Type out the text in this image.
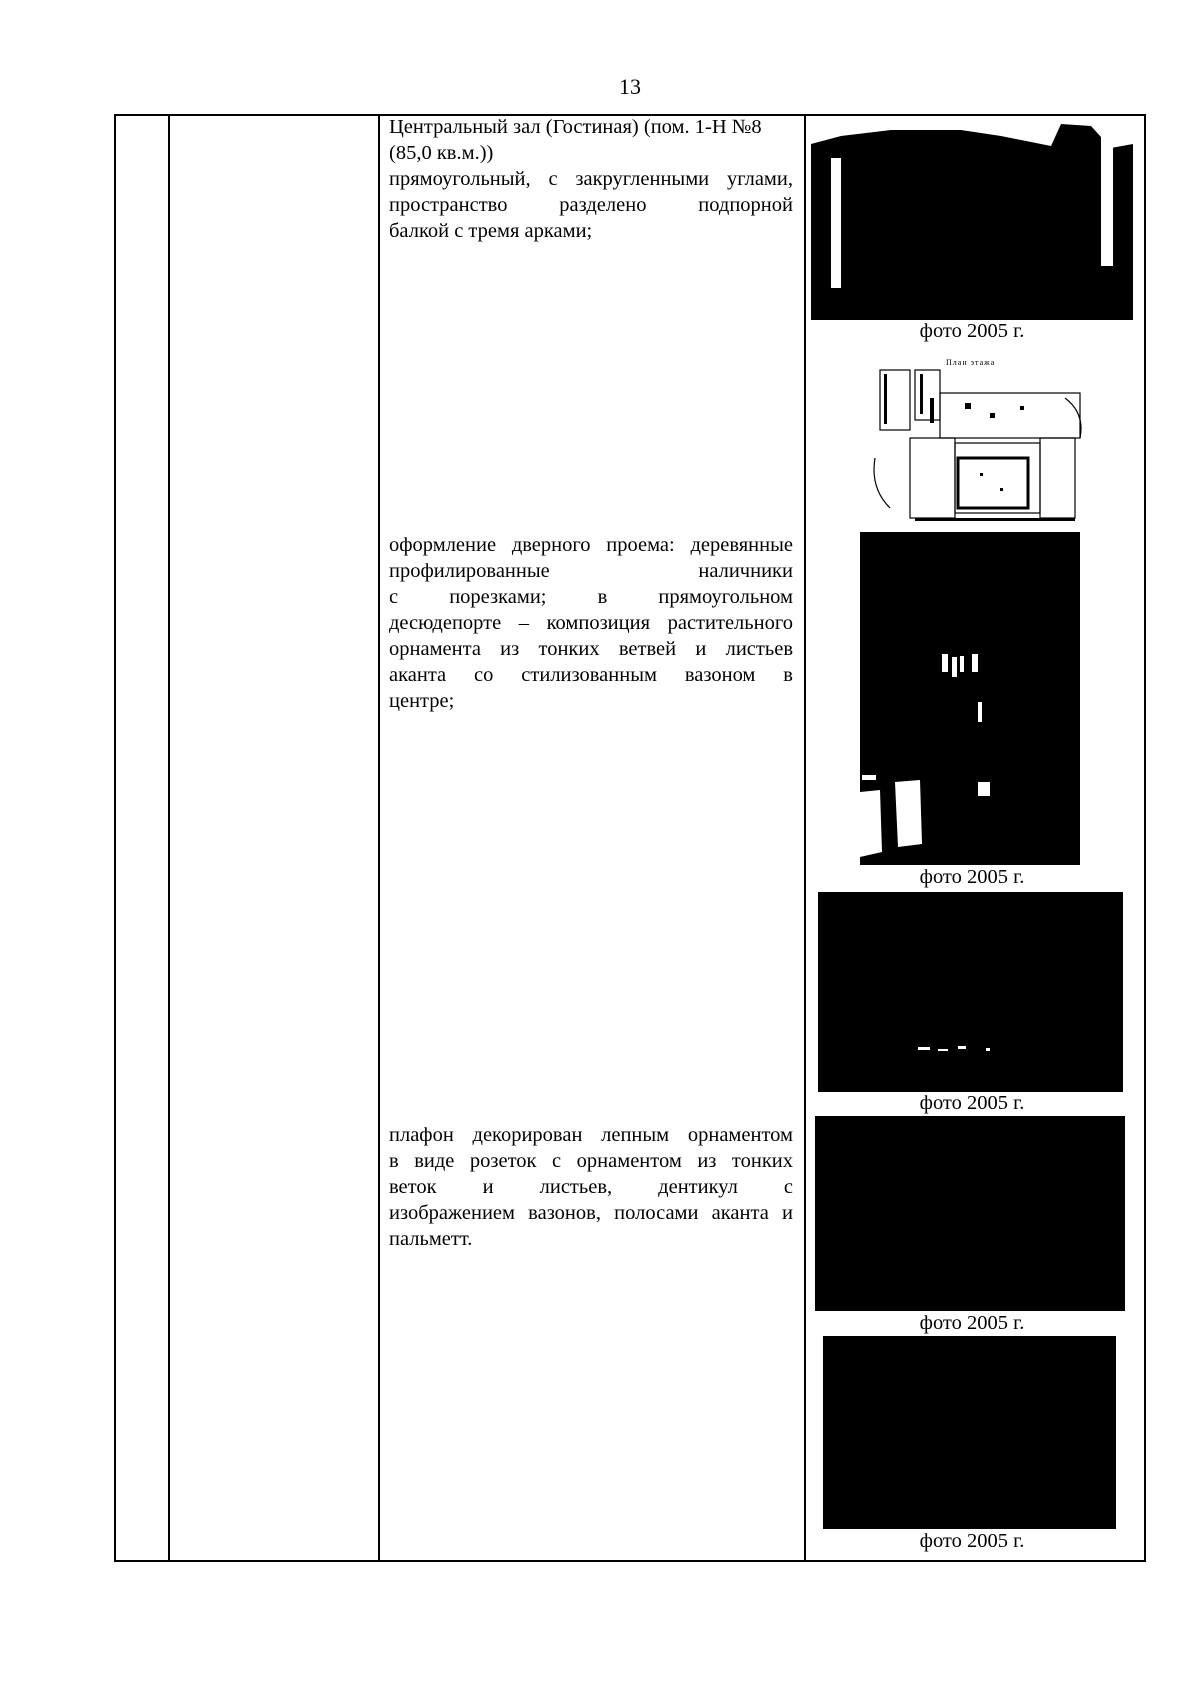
13
Центральный зал (Гостиная) (пом. 1-Н №8
(85,0 кв.м.))
прямоугольный, с закругленными углами,
пространство разделено подпорной
балкой с тремя арками;
оформление дверного проема: деревянные
профилированные наличники
с порезками; в прямоугольном
десюдепорте – композиция растительного
орнамента из тонких ветвей и листьев
аканта со стилизованным вазоном в
центре;
плафон декорирован лепным орнаментом
в виде розеток с орнаментом из тонких
веток и листьев, дентикул с
изображением вазонов, полосами аканта и
пальметт.
фото 2005 г.
План этажа
фото 2005 г.
фото 2005 г.
фото 2005 г.
фото 2005 г.
